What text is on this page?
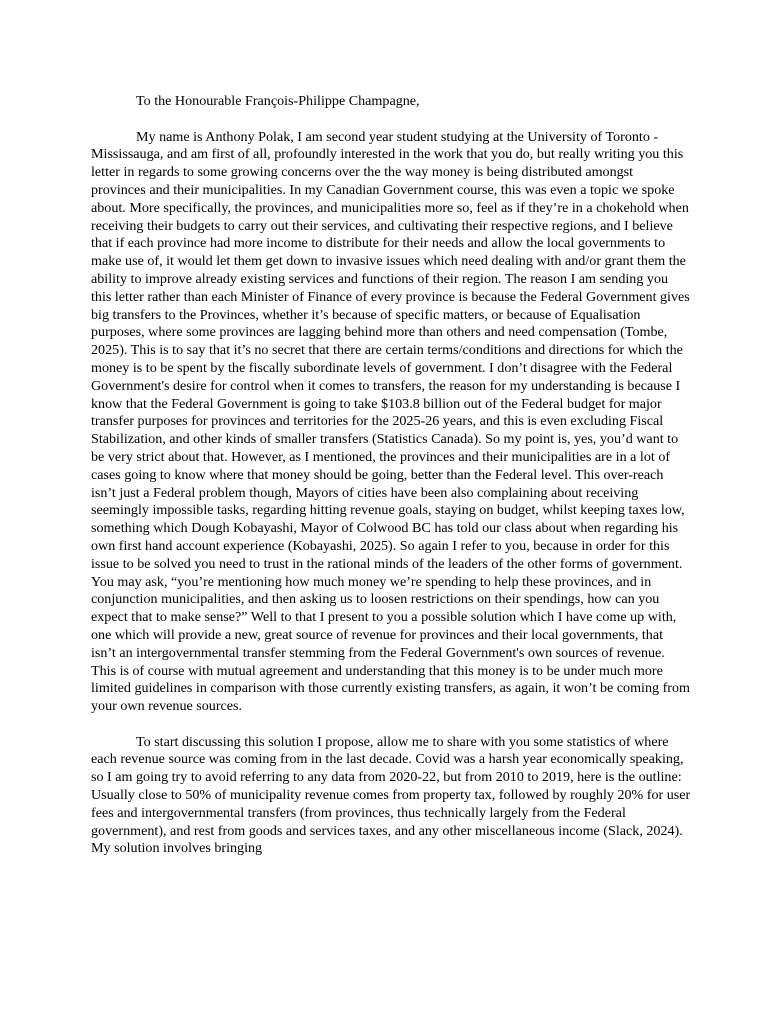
To the Honourable François-Philippe Champagne,

My name is Anthony Polak, I am second year student studying at the University of Toronto - Mississauga, and am first of all, profoundly interested in the work that you do, but really writing you this letter in regards to some growing concerns over the the way money is being distributed amongst provinces and their municipalities. In my Canadian Government course, this was even a topic we spoke about. More specifically, the provinces, and municipalities more so, feel as if they’re in a chokehold when receiving their budgets to carry out their services, and cultivating their respective regions, and I believe that if each province had more income to distribute for their needs and allow the local governments to make use of, it would let them get down to invasive issues which need dealing with and/or grant them the ability to improve already existing services and functions of their region. The reason I am sending you this letter rather than each Minister of Finance of every province is because the Federal Government gives big transfers to the Provinces, whether it’s because of specific matters, or because of Equalisation purposes, where some provinces are lagging behind more than others and need compensation (Tombe, 2025). This is to say that it’s no secret that there are certain terms/conditions and directions for which the money is to be spent by the fiscally subordinate levels of government. I don’t disagree with the Federal Government's desire for control when it comes to transfers, the reason for my understanding is because I know that the Federal Government is going to take $103.8 billion out of the Federal budget for major transfer purposes for provinces and territories for the 2025-26 years, and this is even excluding Fiscal Stabilization, and other kinds of smaller transfers (Statistics Canada). So my point is, yes, you’d want to be very strict about that. However, as I mentioned, the provinces and their municipalities are in a lot of cases going to know where that money should be going, better than the Federal level. This over-reach isn’t just a Federal problem though, Mayors of cities have been also complaining about receiving seemingly impossible tasks, regarding hitting revenue goals, staying on budget, whilst keeping taxes low, something which Dough Kobayashi, Mayor of Colwood BC has told our class about when regarding his own first hand account experience (Kobayashi, 2025). So again I refer to you, because in order for this issue to be solved you need to trust in the rational minds of the leaders of the other forms of government. You may ask, “you’re mentioning how much money we’re spending to help these provinces, and in conjunction municipalities, and then asking us to loosen restrictions on their spendings, how can you expect that to make sense?” Well to that I present to you a possible solution which I have come up with, one which will provide a new, great source of revenue for provinces and their local governments, that isn’t an intergovernmental transfer stemming from the Federal Government's own sources of revenue. This is of course with mutual agreement and understanding that this money is to be under much more limited guidelines in comparison with those currently existing transfers, as again, it won’t be coming from your own revenue sources.

To start discussing this solution I propose, allow me to share with you some statistics of where each revenue source was coming from in the last decade. Covid was a harsh year economically speaking, so I am going try to avoid referring to any data from 2020-22, but from 2010 to 2019, here is the outline: Usually close to 50% of municipality revenue comes from property tax, followed by roughly 20% for user fees and intergovernmental transfers (from provinces, thus technically largely from the Federal government), and rest from goods and services taxes, and any other miscellaneous income (Slack, 2024). My solution involves bringing
